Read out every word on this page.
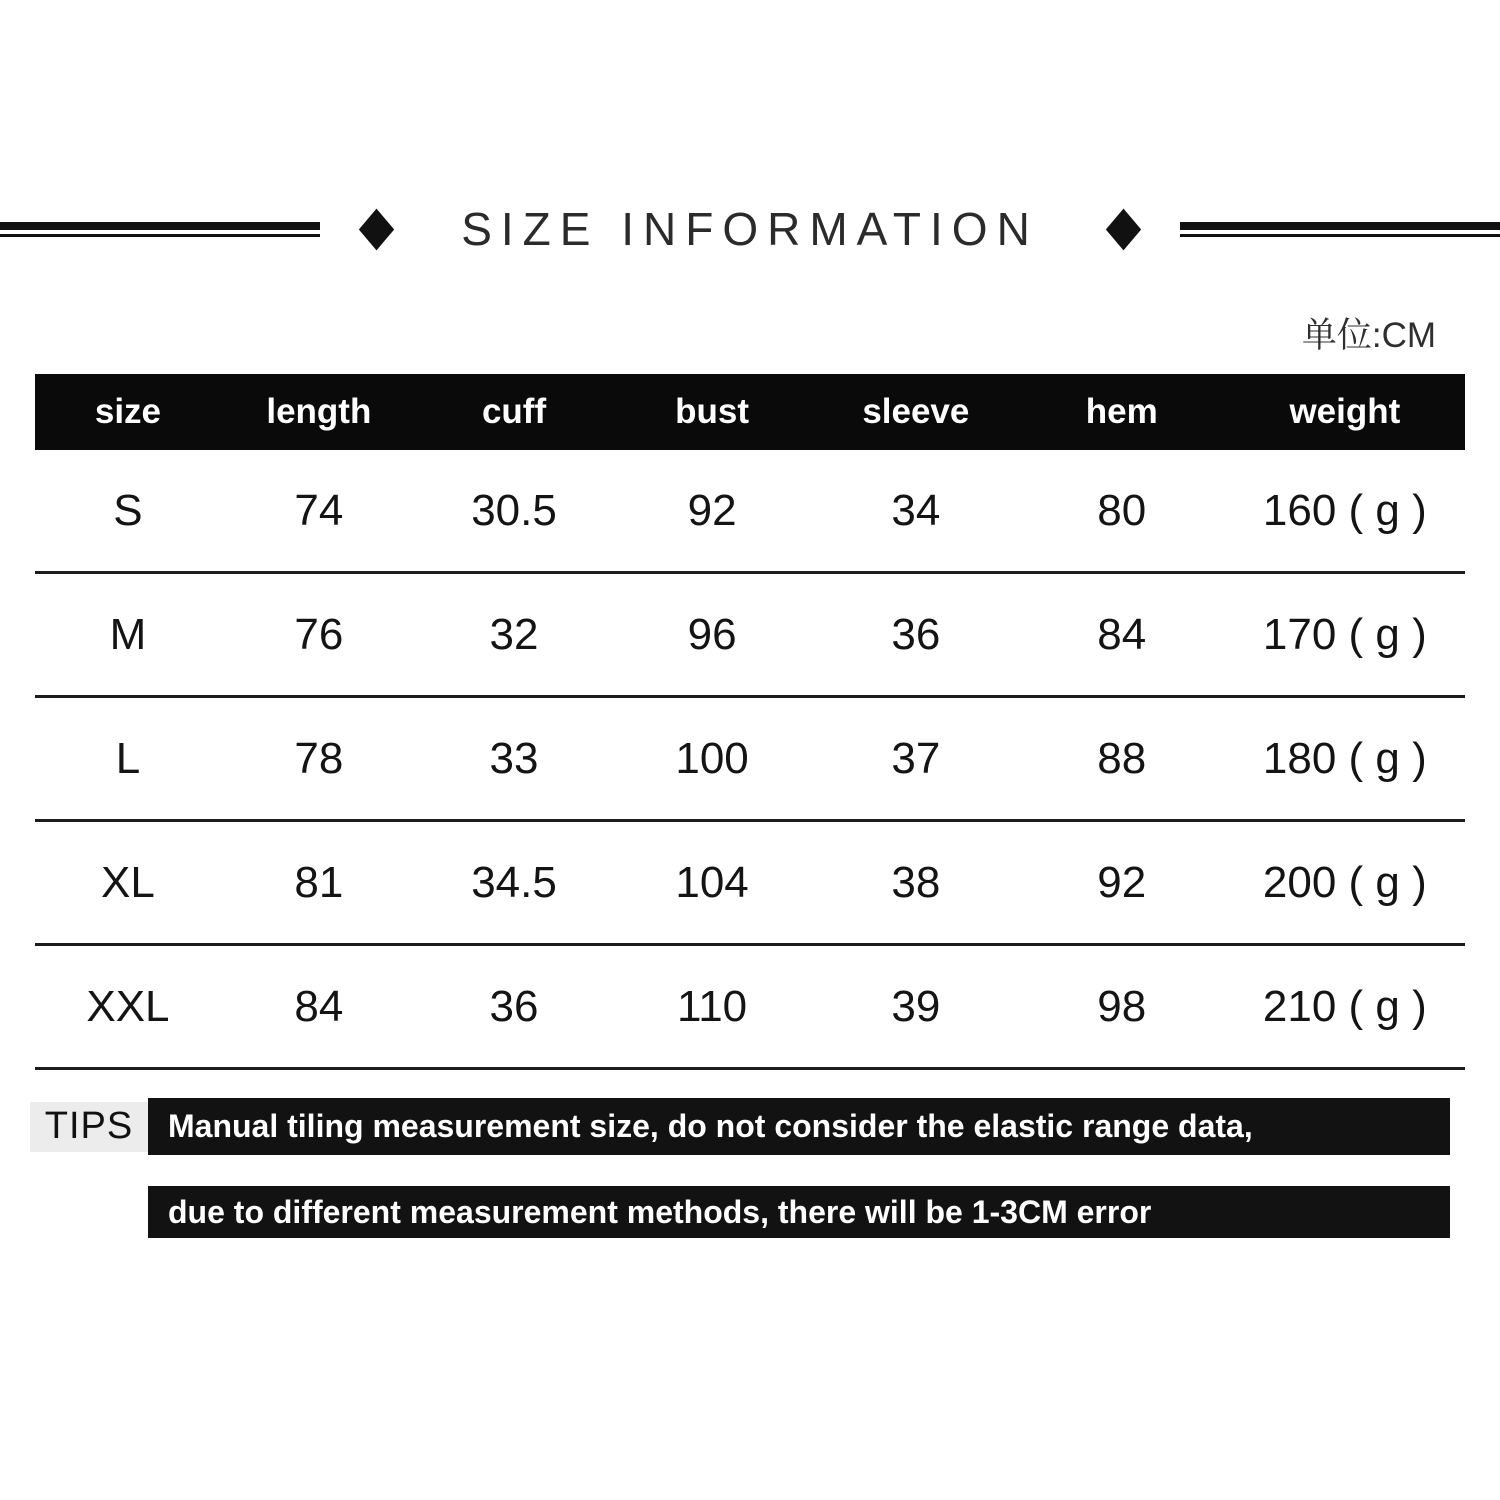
SIZE INFORMATION
单位:CM
size	length	cuff	bust	sleeve	hem	weight
S	74	30.5	92	34	80	160 ( g )
M	76	32	96	36	84	170 ( g )
L	78	33	100	37	88	180 ( g )
XL	81	34.5	104	38	92	200 ( g )
XXL	84	36	110	39	98	210 ( g )
TIPS	Manual tiling measurement size, do not consider the elastic range data,
due to different measurement methods, there will be 1-3CM error
